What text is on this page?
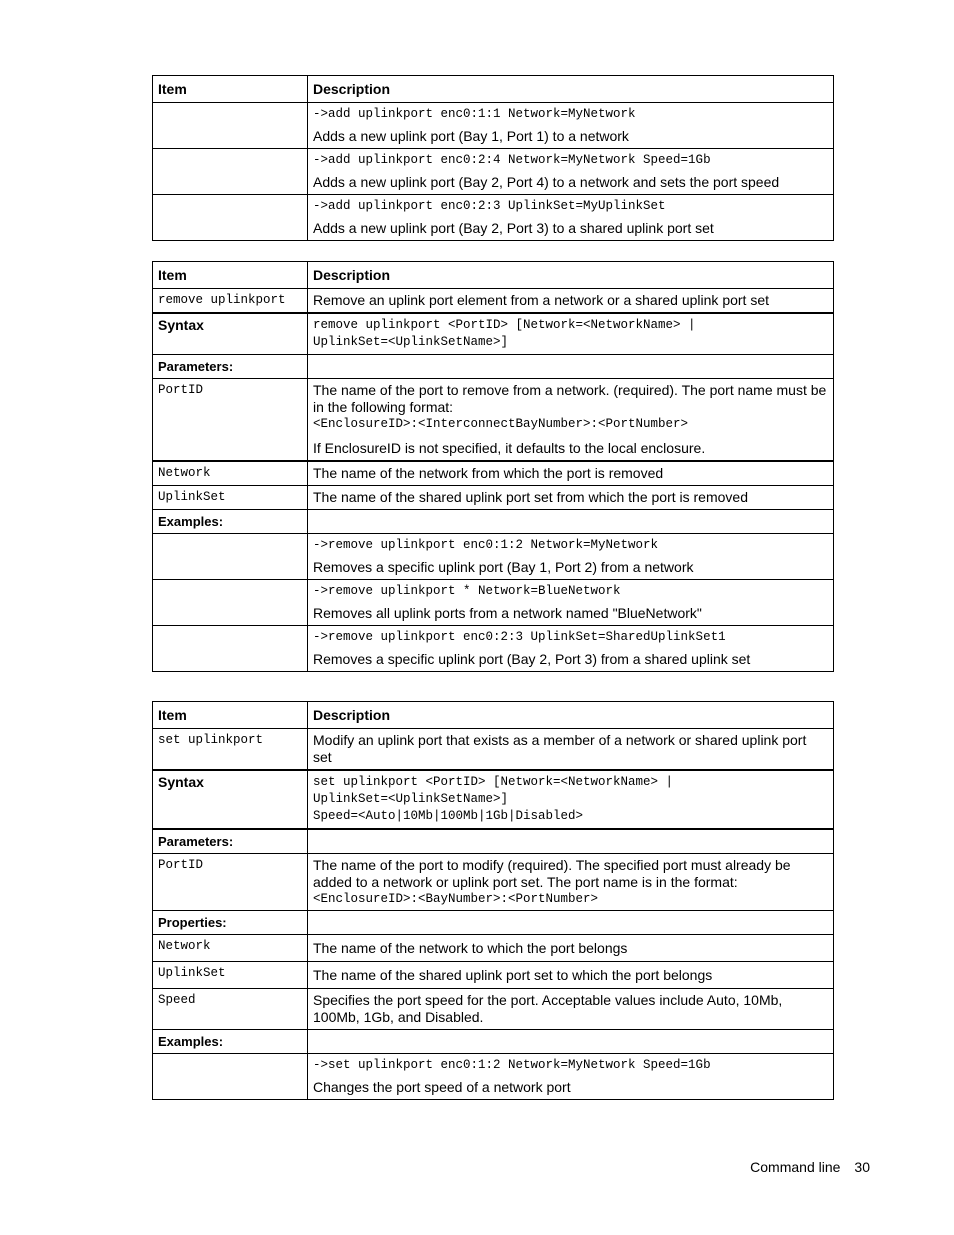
Item	Description

	->add uplinkport enc0:1:1 Network=MyNetwork
Adds a new uplink port (Bay 1, Port 1) to a network

	->add uplinkport enc0:2:4 Network=MyNetwork Speed=1Gb
Adds a new uplink port (Bay 2, Port 4) to a network and sets the port speed

	->add uplinkport enc0:2:3 UplinkSet=MyUplinkSet
Adds a new uplink port (Bay 2, Port 3) to a shared uplink port set
Item	Description
remove uplinkport	Remove an uplink port element from a network or a shared uplink port set
Syntax	remove uplinkport <PortID> [Network=<NetworkName> |
UplinkSet=<UplinkSetName>]

Parameters:	
PortID	The name of the port to remove from a network. (required). The port name must be in the following format:
<EnclosureID>:<InterconnectBayNumber>:<PortNumber>
If EnclosureID is not specified, it defaults to the local enclosure.

Network	The name of the network from which the port is removed
UplinkSet	The name of the shared uplink port set from which the port is removed
Examples:	

	->remove uplinkport enc0:1:2 Network=MyNetwork
Removes a specific uplink port (Bay 1, Port 2) from a network

	->remove uplinkport * Network=BlueNetwork
Removes all uplink ports from a network named "BlueNetwork"

	->remove uplinkport enc0:2:3 UplinkSet=SharedUplinkSet1
Removes a specific uplink port (Bay 2, Port 3) from a shared uplink set
Item	Description
set uplinkport	Modify an uplink port that exists as a member of a network or shared uplink port set
Syntax	set uplinkport <PortID> [Network=<NetworkName> |
UplinkSet=<UplinkSetName>]
Speed=<Auto|10Mb|100Mb|1Gb|Disabled>

Parameters:	
PortID	The name of the port to modify (required). The specified port must already be added to a network or uplink port set. The port name is in the format:
<EnclosureID>:<BayNumber>:<PortNumber>

Properties:	
Network	The name of the network to which the port belongs
UplinkSet	The name of the shared uplink port set to which the port belongs
Speed	Specifies the port speed for the port. Acceptable values include Auto, 10Mb, 100Mb, 1Gb, and Disabled.
Examples:	

	->set uplinkport enc0:1:2 Network=MyNetwork Speed=1Gb
Changes the port speed of a network port
Command line 30
